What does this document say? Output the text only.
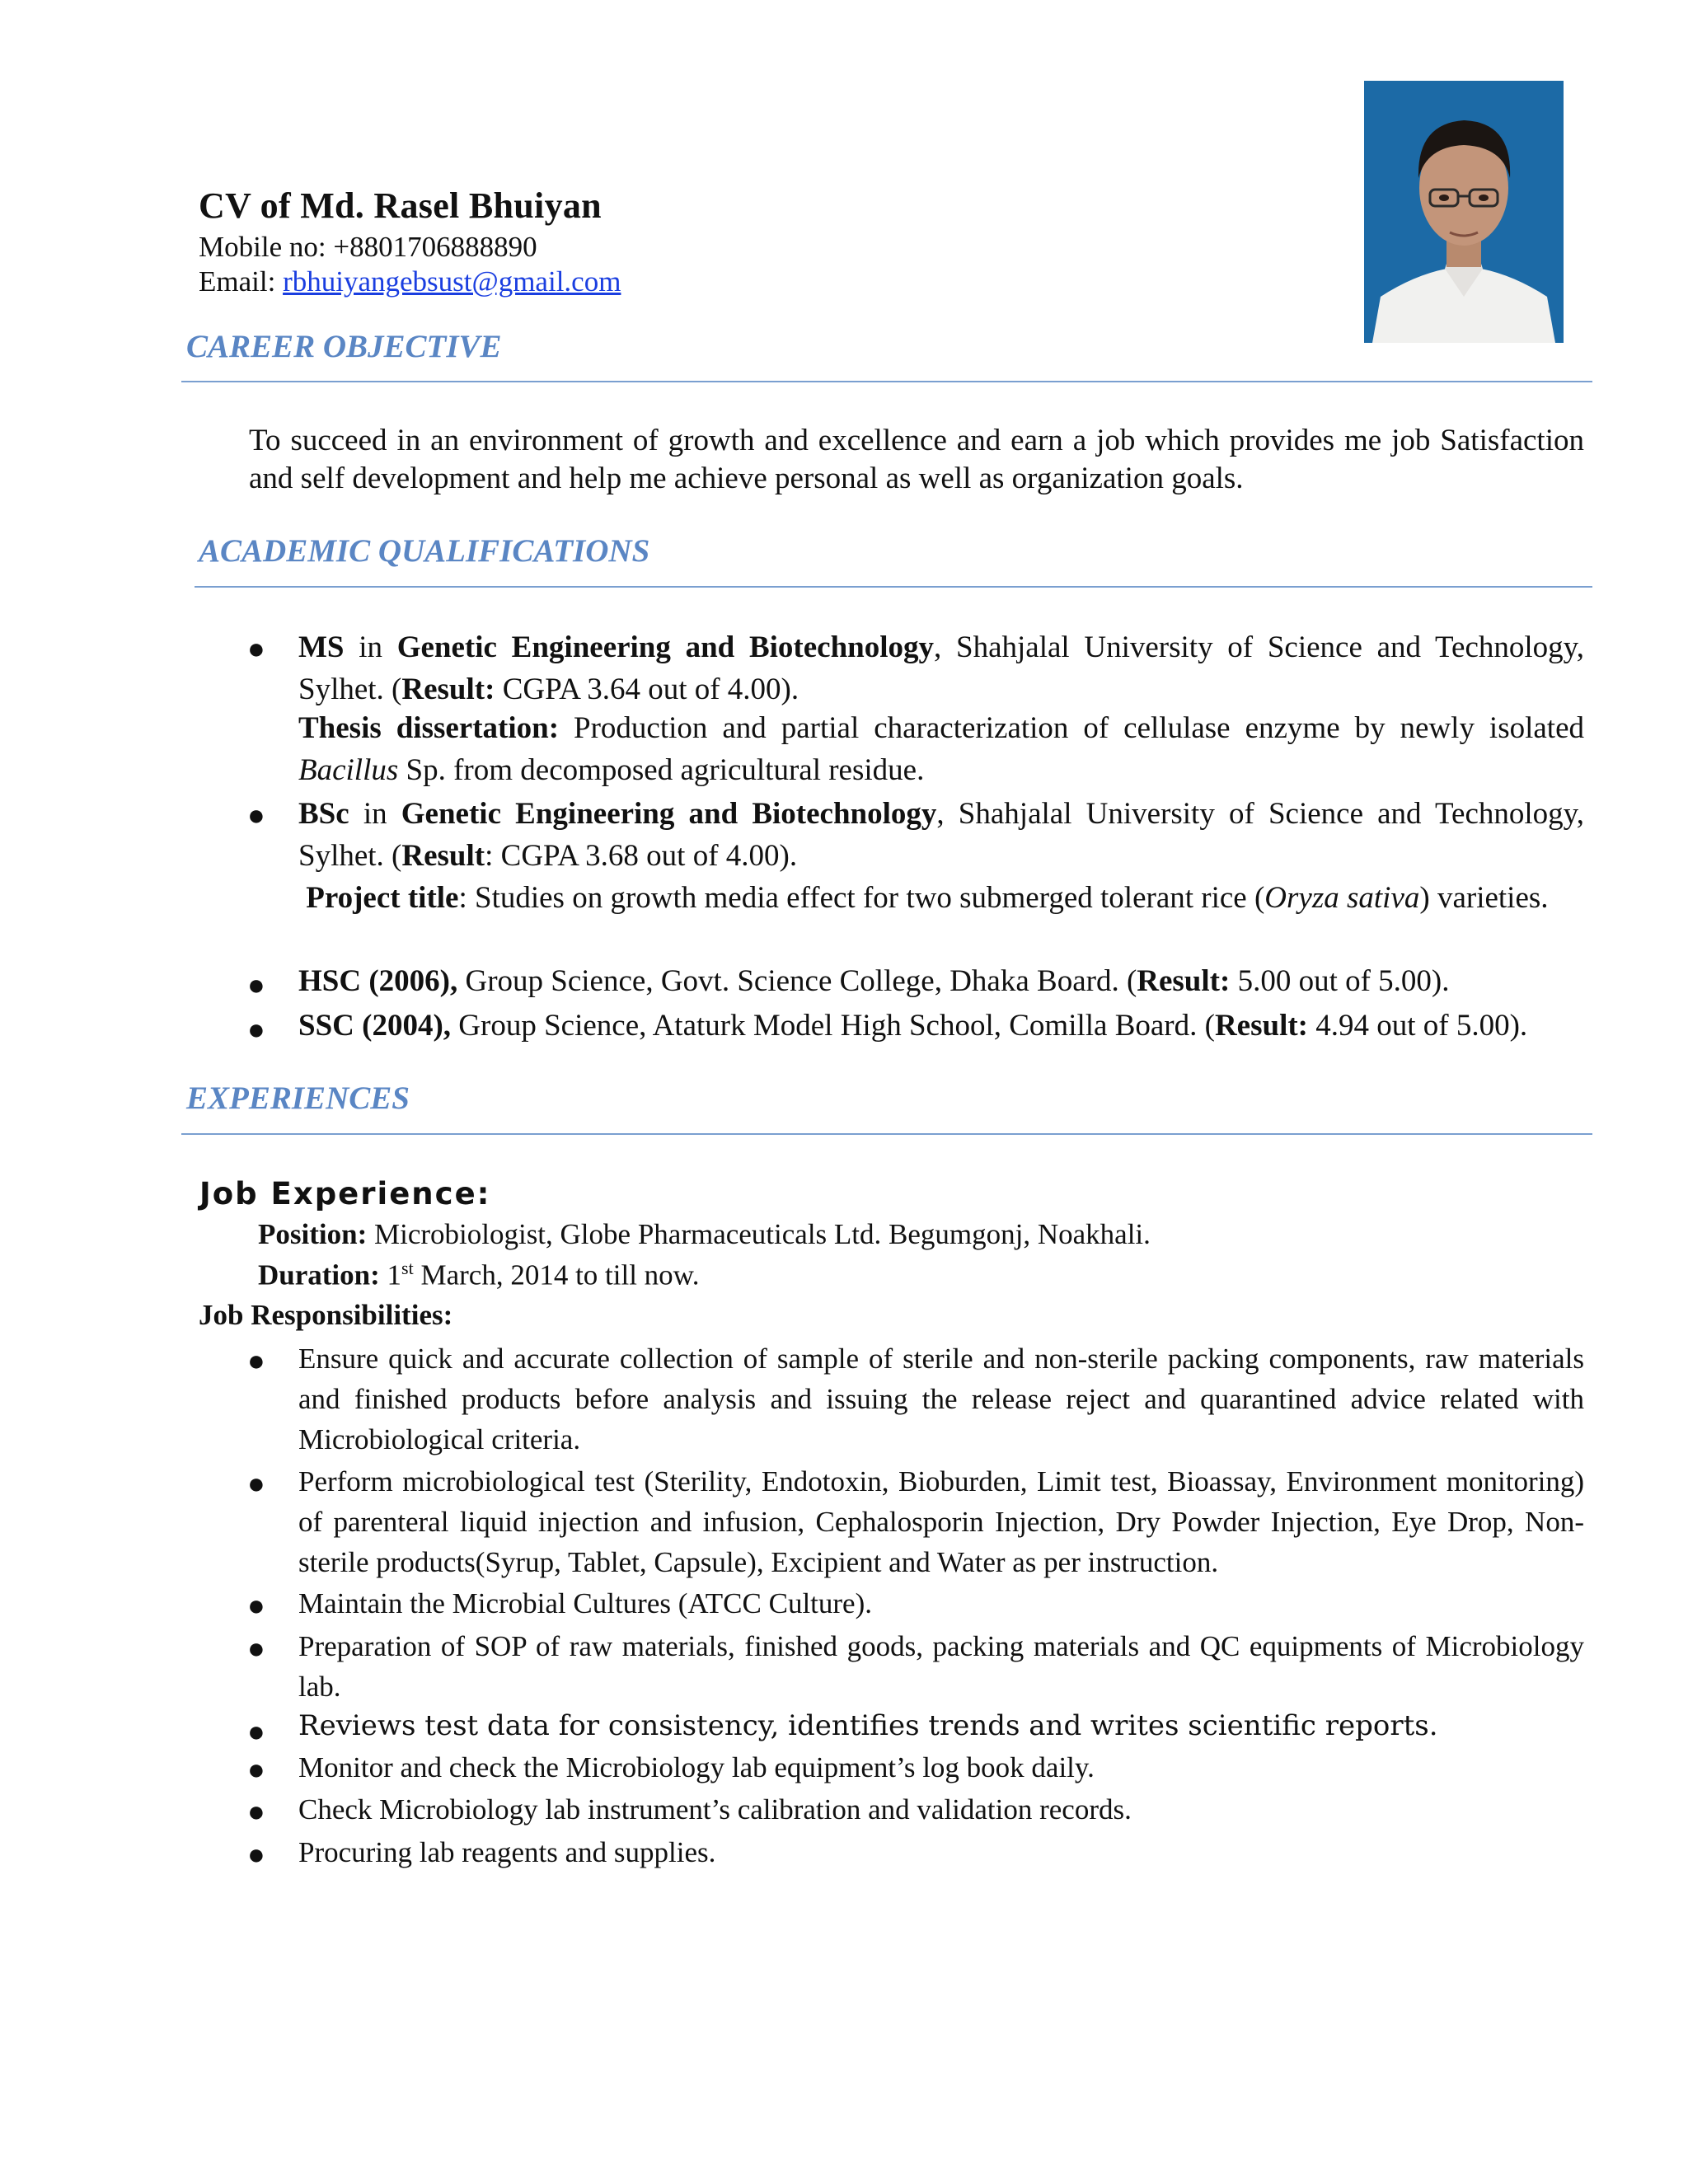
CV of Md. Rasel Bhuiyan
Mobile no: +8801706888890
Email: rbhuiyangebsust@gmail.com
CAREER OBJECTIVE
To succeed in an environment of growth and excellence and earn a job which provides me job Satisfaction and self development and help me achieve personal as well as organization goals.
ACADEMIC QUALIFICATIONS
● MS in Genetic Engineering and Biotechnology, Shahjalal University of Science and Technology, Sylhet. (Result: CGPA 3.64 out of 4.00).
Thesis dissertation: Production and partial characterization of cellulase enzyme by newly isolated Bacillus Sp. from decomposed agricultural residue.
● BSc in Genetic Engineering and Biotechnology, Shahjalal University of Science and Technology, Sylhet. (Result: CGPA 3.68 out of 4.00).
Project title: Studies on growth media effect for two submerged tolerant rice (Oryza sativa) varieties.
● HSC (2006), Group Science, Govt. Science College, Dhaka Board. (Result: 5.00 out of 5.00).
● SSC (2004), Group Science, Ataturk Model High School, Comilla Board. (Result: 4.94 out of 5.00).
EXPERIENCES
Job Experience:
Position: Microbiologist, Globe Pharmaceuticals Ltd. Begumgonj, Noakhali.
Duration: 1st March, 2014 to till now.
Job Responsibilities:
● Ensure quick and accurate collection of sample of sterile and non-sterile packing components, raw materials and finished products before analysis and issuing the release reject and quarantined advice related with Microbiological criteria.
● Perform microbiological test (Sterility, Endotoxin, Bioburden, Limit test, Bioassay, Environment monitoring) of parenteral liquid injection and infusion, Cephalosporin Injection, Dry Powder Injection, Eye Drop, Non-sterile products(Syrup, Tablet, Capsule), Excipient and Water as per instruction.
● Maintain the Microbial Cultures (ATCC Culture).
● Preparation of SOP of raw materials, finished goods, packing materials and QC equipments of Microbiology lab.
● Reviews test data for consistency, identifies trends and writes scientific reports.
● Monitor and check the Microbiology lab equipment’s log book daily.
● Check Microbiology lab instrument’s calibration and validation records.
● Procuring lab reagents and supplies.
